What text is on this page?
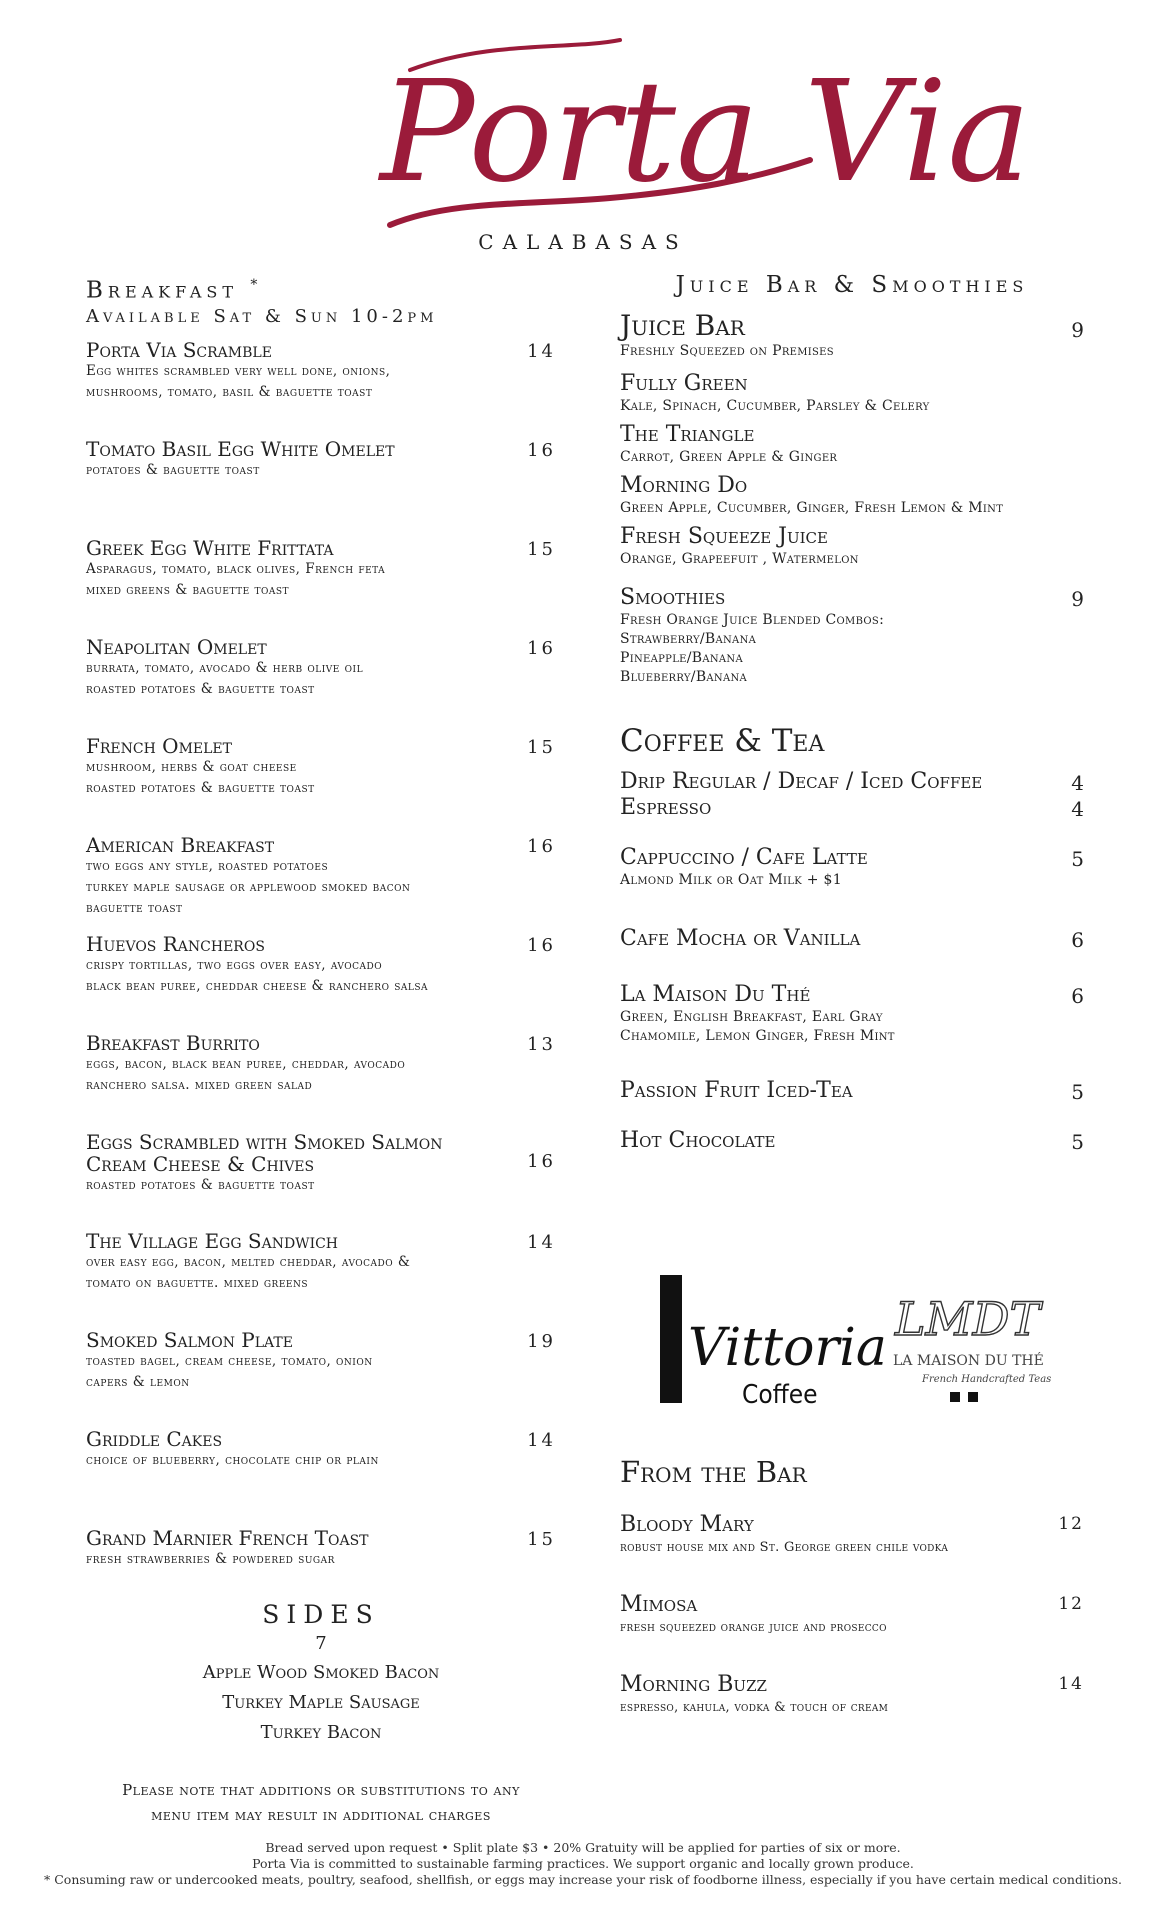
Porta Via
CALABASAS
Breakfast *
Available Sat & Sun 10-2pm
Porta Via Scramble	14
Egg whites scrambled very well done, onions,
mushrooms, tomato, basil & baguette toast
Tomato Basil Egg White Omelet	16
potatoes & baguette toast
Greek Egg White Frittata	15
Asparagus, tomato, black olives, French feta
mixed greens & baguette toast
Neapolitan Omelet	16
burrata, tomato, avocado & herb olive oil
roasted potatoes & baguette toast
French Omelet	15
mushroom, herbs & goat cheese
roasted potatoes & baguette toast
American Breakfast	16
two eggs any style, roasted potatoes
turkey maple sausage or applewood smoked bacon
baguette toast
Huevos Rancheros	16
crispy tortillas, two eggs over easy, avocado
black bean puree, cheddar cheese & ranchero salsa
Breakfast Burrito	13
eggs, bacon, black bean puree, cheddar, avocado
ranchero salsa. mixed green salad
Eggs Scrambled with Smoked Salmon
Cream Cheese & Chives	16
roasted potatoes & baguette toast
The Village Egg Sandwich	14
over easy egg, bacon, melted cheddar, avocado &
tomato on baguette. mixed greens
Smoked Salmon Plate	19
toasted bagel, cream cheese, tomato, onion
capers & lemon
Griddle Cakes	14
choice of blueberry, chocolate chip or plain
Grand Marnier French Toast	15
fresh strawberries & powdered sugar
SIDES
7
Apple Wood Smoked Bacon
Turkey Maple Sausage
Turkey Bacon
Please note that additions or substitutions to any
menu item may result in additional charges
Juice Bar & Smoothies
Juice Bar	9
Freshly Squeezed on Premises
Fully Green
Kale, Spinach, Cucumber, Parsley & Celery
The Triangle
Carrot, Green Apple & Ginger
Morning Do
Green Apple, Cucumber, Ginger, Fresh Lemon & Mint
Fresh Squeeze Juice
Orange, Grapeefuit , Watermelon
Smoothies	9
Fresh Orange Juice Blended Combos:
Strawberry/Banana
Pineapple/Banana
Blueberry/Banana
Coffee & Tea
Drip Regular / Decaf / Iced Coffee	4
Espresso	4
Cappuccino / Cafe Latte	5
Almond Milk or Oat Milk + $1
Cafe Mocha or Vanilla	6
La Maison Du Thé	6
Green, English Breakfast, Earl Gray
Chamomile, Lemon Ginger, Fresh Mint
Passion Fruit Iced-Tea	5
Hot Chocolate	5
Vittoria
Coffee
LMDT
LA MAISON DU THÉ
French Handcrafted Teas
From the Bar
Bloody Mary	12
robust house mix and St. George green chile vodka
Mimosa	12
fresh squeezed orange juice and prosecco
Morning Buzz	14
espresso, kahula, vodka & touch of cream
Bread served upon request • Split plate $3 • 20% Gratuity will be applied for parties of six or more.
Porta Via is committed to sustainable farming practices. We support organic and locally grown produce.
* Consuming raw or undercooked meats, poultry, seafood, shellfish, or eggs may increase your risk of foodborne illness, especially if you have certain medical conditions.
